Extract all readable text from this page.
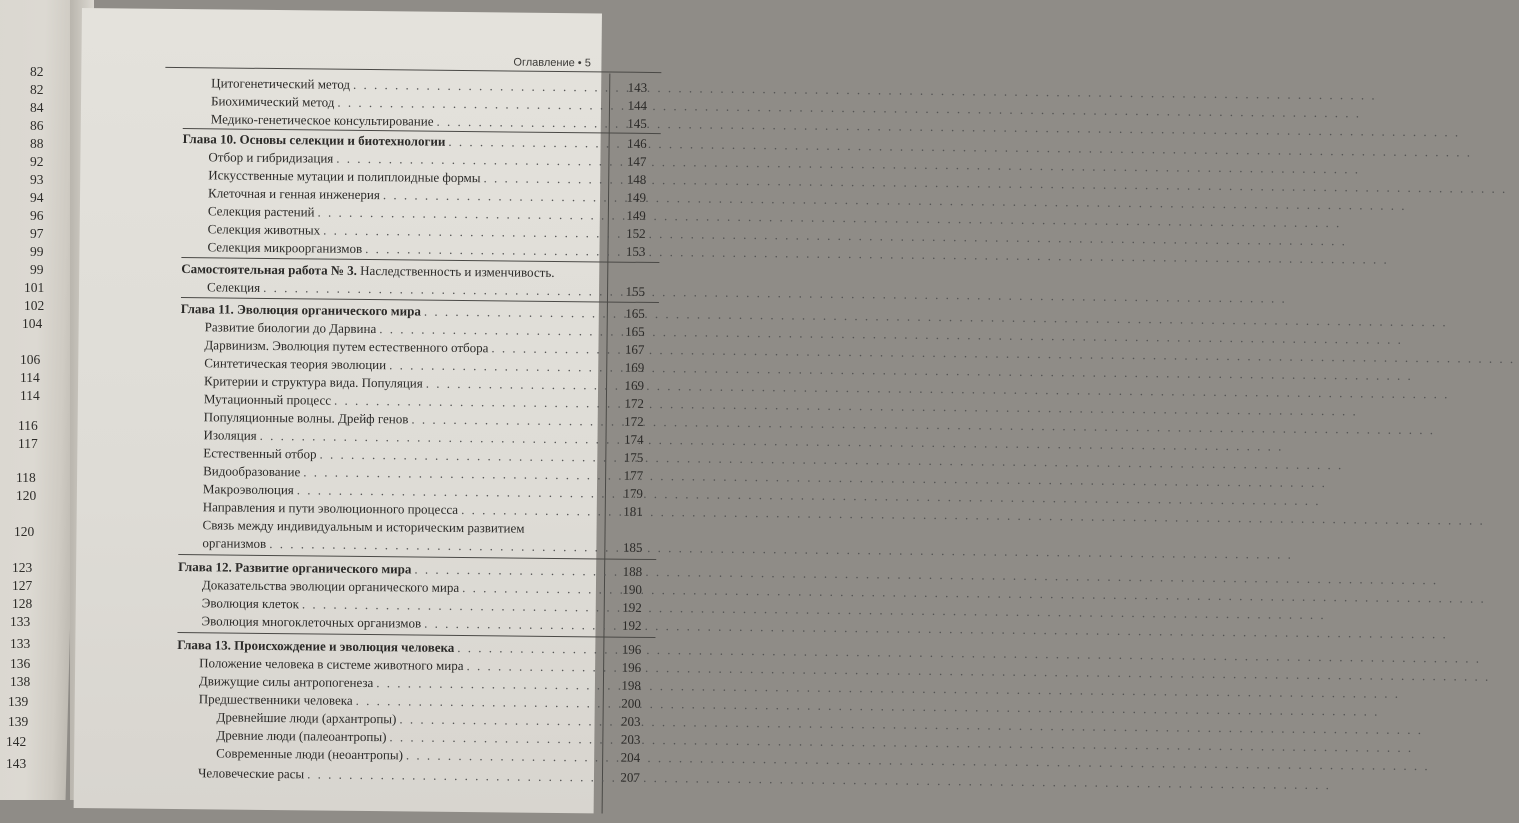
82
82
84
86
88
92
93
94
96
97
99
99
101
102
104
106
114
114
116
117
118
120
120
123
127
128
133
133
136
138
139
139
142
143
Оглавление • 5
Цитогенетический метод . . .	143
Биохимический метод . . .	144
Медико-генетическое консультирование . . .	145
Глава 10. Основы селекции и биотехнологии . . .	146
Отбор и гибридизация . . .	147
Искусственные мутации и полиплоидные формы . . .	148
Клеточная и генная инженерия . . .	149
Селекция растений . . .	149
Селекция животных . . .	152
Селекция микроорганизмов . . .	153
Самостоятельная работа № 3. Наследственность и изменчивость.
Селекция . . .	155
Глава 11. Эволюция органического мира . . .	165
Развитие биологии до Дарвина . . .	165
Дарвинизм. Эволюция путем естественного отбора . . .	167
Синтетическая теория эволюции . . .	169
Критерии и структура вида. Популяция . . .	169
Мутационный процесс . . .	172
Популяционные волны. Дрейф генов . . .	172
Изоляция . . .	174
Естественный отбор . . .	175
Видообразование . . .	177
Макроэволюция . . .	179
Направления и пути эволюционного процесса . . .	181
Связь между индивидуальным и историческим развитием
организмов . . .	185
Глава 12. Развитие органического мира . . .	188
Доказательства эволюции органического мира . . .	190
Эволюция клеток . . .	192
Эволюция многоклеточных организмов . . .	192
Глава 13. Происхождение и эволюция человека . . .	196
Положение человека в системе животного мира . . .	196
Движущие силы антропогенеза . . .	198
Предшественники человека . . .	200
Древнейшие люди (архантропы) . . .	203
Древние люди (палеоантропы) . . .	203
Современные люди (неоантропы) . . .	204
Человеческие расы . . .	207
